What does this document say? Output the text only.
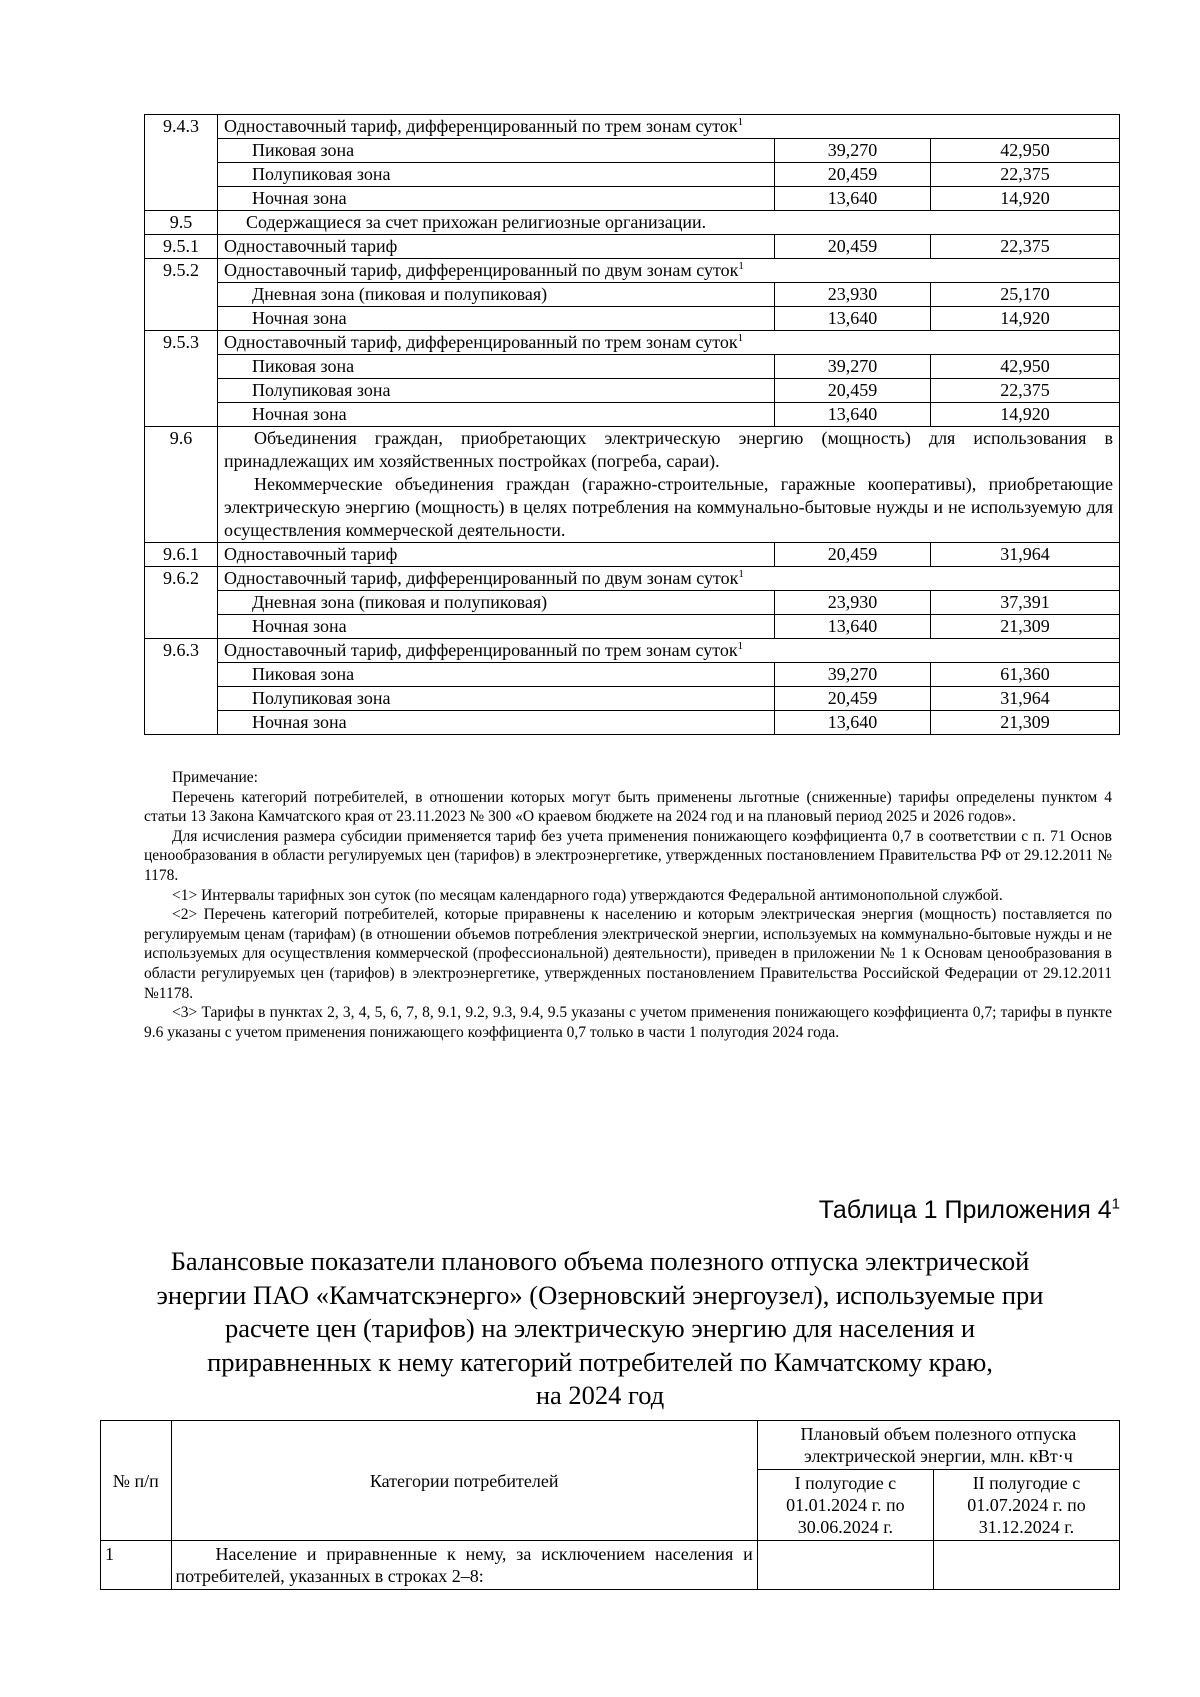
9.4.3	Одноставочный тариф, дифференцированный по трем зонам суток$^1$
	Пиковая зона	39,270	42,950
	Полупиковая зона	20,459	22,375
	Ночная зона	13,640	14,920
9.5	Содержащиеся за счет прихожан религиозные организации.		
9.5.1	Одноставочный тариф	20,459	22,375
9.5.2	Одноставочный тариф, дифференцированный по двум зонам суток$^1$
	Дневная зона (пиковая и полупиковая)	23,930	25,170
	Ночная зона	13,640	14,920
9.5.3	Одноставочный тариф, дифференцированный по трем зонам суток$^1$
	Пиковая зона	39,270	42,950
	Полупиковая зона	20,459	22,375
	Ночная зона	13,640	14,920
9.6	Объединения граждан, приобретающих электрическую энергию (мощность) для использования в принадлежащих им хозяйственных постройках (погреба, сараи).

Некоммерческие объединения граждан (гаражно-строительные, гаражные кооперативы), приобретающие электрическую энергию (мощность) в целях потребления на коммунально-бытовые нужды и не используемую для осуществления коммерческой деятельности.		

9.6.1	Одноставочный тариф	20,459	31,964
9.6.2	Одноставочный тариф, дифференцированный по двум зонам суток$^1$
	Дневная зона (пиковая и полупиковая)	23,930	37,391
	Ночная зона	13,640	21,309
9.6.3	Одноставочный тариф, дифференцированный по трем зонам суток$^1$
	Пиковая зона	39,270	61,360
	Полупиковая зона	20,459	31,964
	Ночная зона	13,640	21,309

Примечание:

Перечень категорий потребителей, в отношении которых могут быть применены льготные (сниженные) тарифы определены пунктом 4 статьи 13 Закона Камчатского края от 23.11.2023 № 300 «О краевом бюджете на 2024 год и на плановый период 2025 и 2026 годов».

Для исчисления размера субсидии применяется тариф без учета применения понижающего коэффициента 0,7 в соответствии с п. 71 Основ ценообразования в области регулируемых цен (тарифов) в электроэнергетике, утвержденных постановлением Правительства РФ от 29.12.2011 № 1178.

<1> Интервалы тарифных зон суток (по месяцам календарного года) утверждаются Федеральной антимонопольной службой.

<2> Перечень категорий потребителей, которые приравнены к населению и которым электрическая энергия (мощность) поставляется по регулируемым ценам (тарифам) (в отношении объемов потребления электрической энергии, используемых на коммунально-бытовые нужды и не используемых для осуществления коммерческой (профессиональной) деятельности), приведен в приложении № 1 к Основам ценообразования в области регулируемых цен (тарифов) в электроэнергетике, утвержденных постановлением Правительства Российской Федерации от 29.12.2011 №1178.

<3> Тарифы в пунктах 2, 3, 4, 5, 6, 7, 8, 9.1, 9.2, 9.3, 9.4, 9.5 указаны с учетом применения понижающего коэффициента 0,7; тарифы в пункте 9.6 указаны с учетом применения понижающего коэффициента 0,7 только в части 1 полугодия 2024 года.

Таблица 1 Приложения $4^1$
Балансовые показатели планового объема полезного отпуска электрической
энергии ПАО «Камчатскэнерго» (Озерновский энергоузел), используемые при
расчете цен (тарифов) на электрическую энергию для населения и
приравненных к нему категорий потребителей по Камчатскому краю,
на 2024 год
№ п/п	Категории потребителей	Плановый объем полезного отпуска электрической энергии, млн. кВт·ч	
		I полугодие с 01.01.2024 г. по 30.06.2024 г.	II полугодие с 01.07.2024 г. по 31.12.2024 г.
1	Население и приравненные к нему, за исключением населения и потребителей, указанных в строках 2–8:		
